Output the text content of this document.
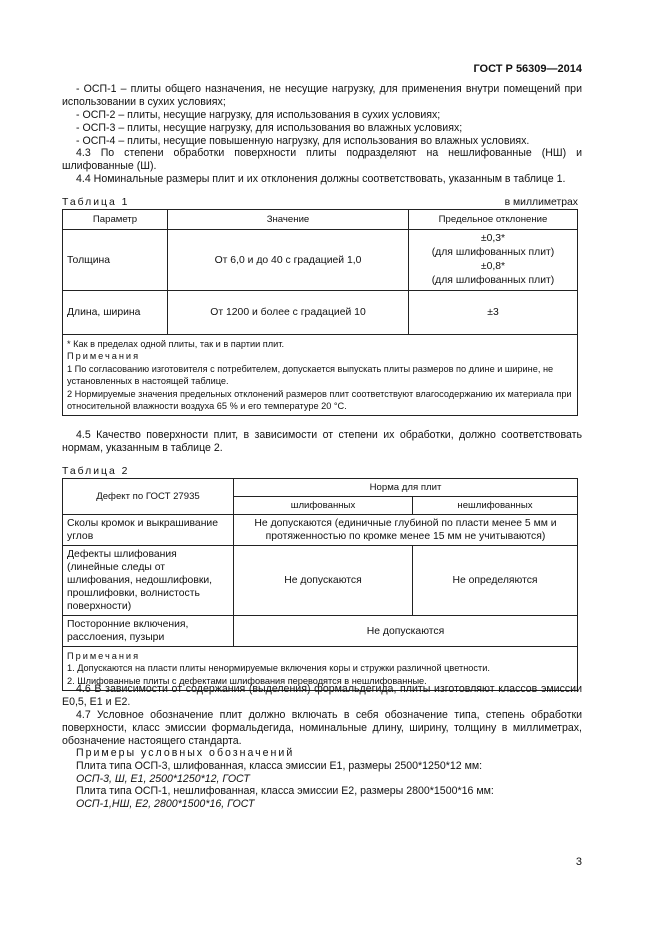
ГОСТ Р 56309—2014

- ОСП-1 – плиты общего назначения, не несущие нагрузку, для применения внутри помещений при использовании в сухих условиях;

- ОСП-2 – плиты, несущие нагрузку, для использования в сухих условиях;

- ОСП-3 – плиты, несущие нагрузку, для использования во влажных условиях;

- ОСП-4 – плиты, несущие повышенную нагрузку, для использования во влажных условиях.

4.3 По степени обработки поверхности плиты подразделяют на нешлифованные (НШ) и шлифованные (Ш).

4.4 Номинальные размеры плит и их отклонения должны соответствовать, указанным в таблице 1.

Таблица 1	в миллиметрах
Параметр	Значение	Предельное отклонение
Толщина	От 6,0 и до 40 с градацией 1,0	±0,3*
(для шлифованных плит)
±0,8*
(для шлифованных плит)

Длина, ширина	От 1200 и более с градацией 10	±3

* Как в пределах одной плиты, так и в партии плит.
Примечания
1 По согласованию изготовителя с потребителем, допускается выпускать плиты размеров по длине и ширине, не установленных в настоящей таблице.
2 Нормируемые значения предельных отклонений размеров плит соответствуют влагосодержанию их материала при относительной влажности воздуха 65 % и его температуре 20 °С.		

4.5 Качество поверхности плит, в зависимости от степени их обработки, должно соответствовать нормам, указанным в таблице 2.

Таблица 2
Дефект по ГОСТ 27935	Норма для плит	
	шлифованных	нешлифованных
Сколы кромок и выкрашивание углов	Не допускаются (единичные глубиной по пласти менее 5 мм и протяженностью по кромке менее 15 мм не учитываются)	
Дефекты шлифования (линейные следы от шлифования, недошлифовки, прошлифовки, волнистость поверхности)	Не допускаются	Не определяются
Посторонние включения, расслоения, пузыри	Не допускаются	

Примечания
1. Допускаются на пласти плиты ненормируемые включения коры и стружки различной цветности.
2. Шлифованные плиты с дефектами шлифования переводятся в нешлифованные.		

4.6 В зависимости от содержания (выделения) формальдегида, плиты изготовляют классов эмиссии Е0,5, Е1 и Е2.

4.7 Условное обозначение плит должно включать в себя обозначение типа, степень обработки поверхности, класс эмиссии формальдегида, номинальные длину, ширину, толщину в миллиметрах, обозначение настоящего стандарта.

Примеры условных обозначений

Плита типа ОСП-3, шлифованная, класса эмиссии Е1, размеры 2500*1250*12 мм:

ОСП-3, Ш, Е1, 2500*1250*12, ГОСТ

Плита типа ОСП-1, нешлифованная, класса эмиссии Е2, размеры 2800*1500*16 мм:

ОСП-1,НШ, Е2, 2800*1500*16, ГОСТ

3
